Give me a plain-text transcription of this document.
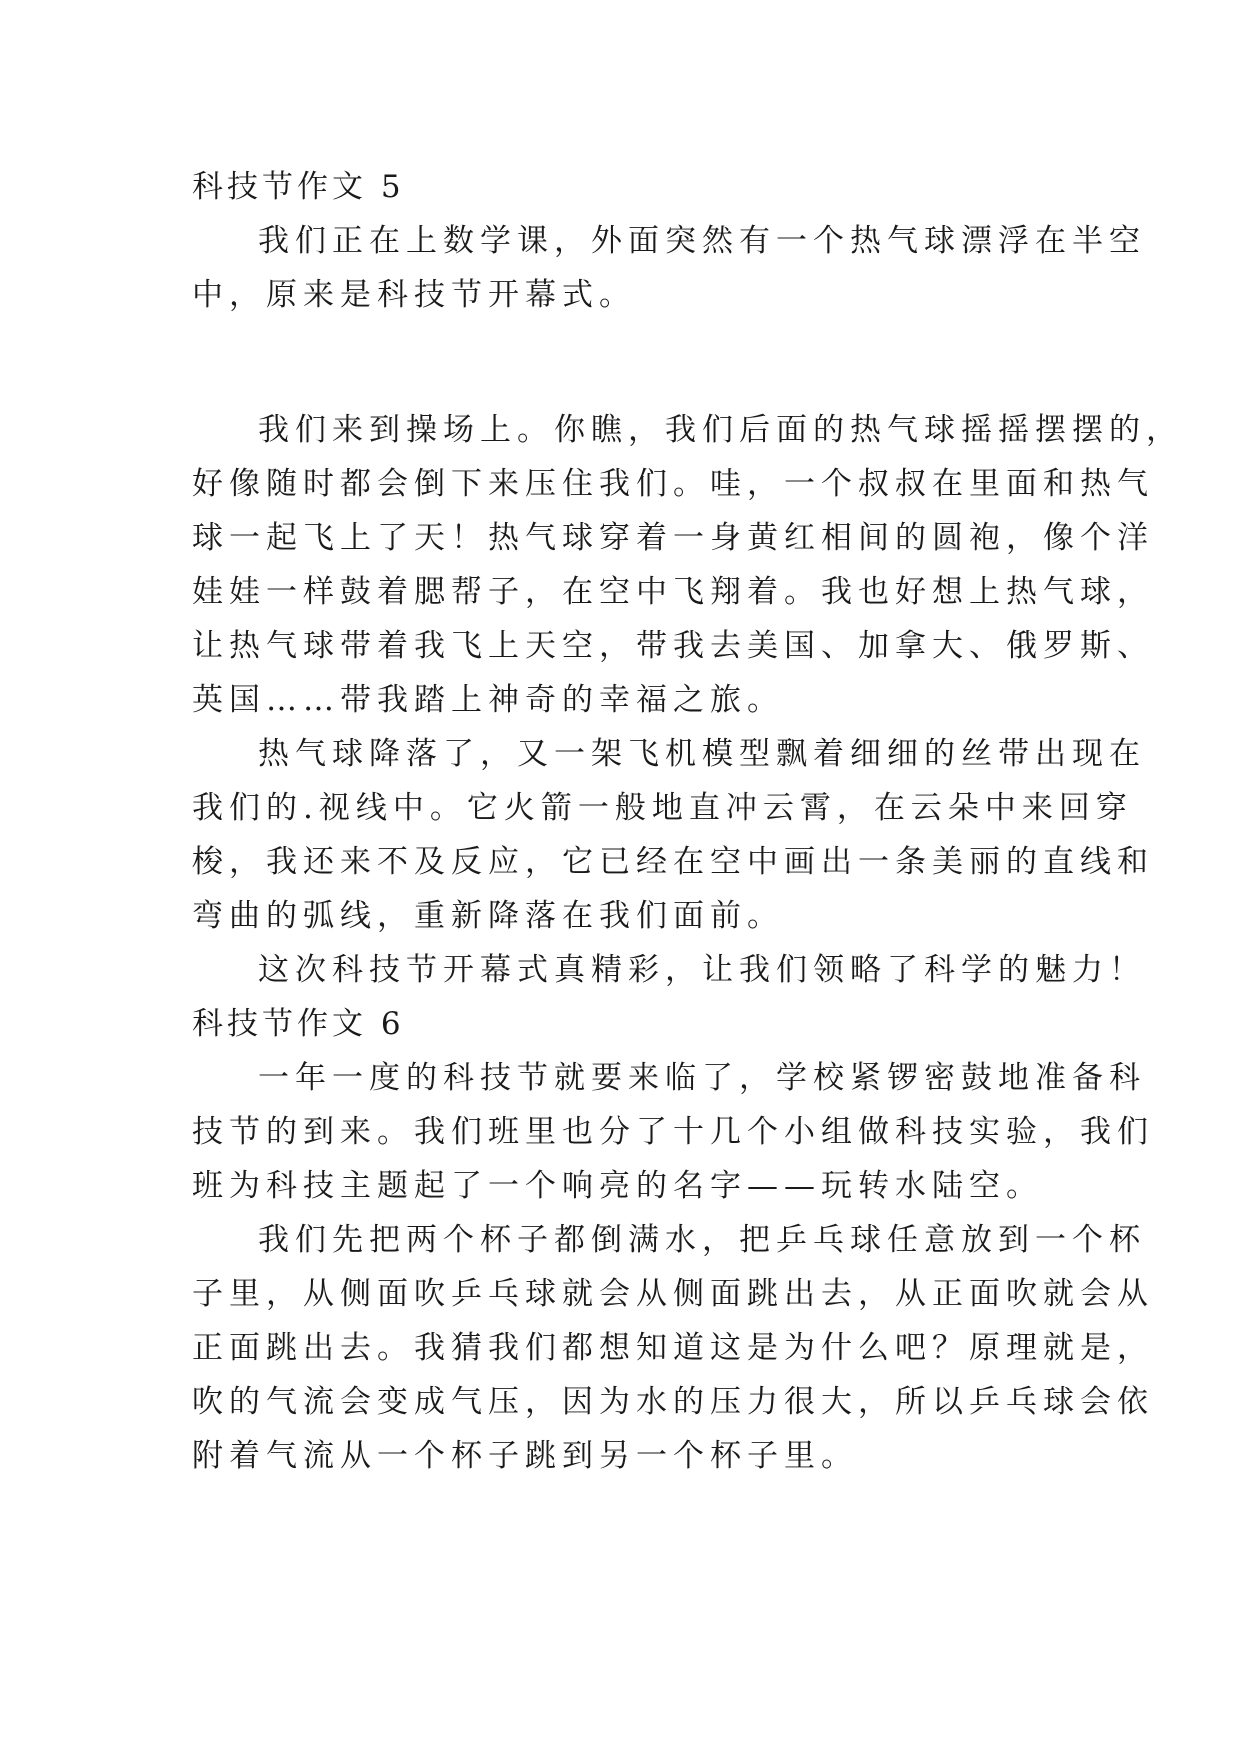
科技节作文 5
我们正在上数学课，外面突然有一个热气球漂浮在半空
中，原来是科技节开幕式。
我们来到操场上。你瞧，我们后面的热气球摇摇摆摆的，
好像随时都会倒下来压住我们。哇，一个叔叔在里面和热气
球一起飞上了天！热气球穿着一身黄红相间的圆袍，像个洋
娃娃一样鼓着腮帮子，在空中飞翔着。我也好想上热气球，
让热气球带着我飞上天空，带我去美国、加拿大、俄罗斯、
英国……带我踏上神奇的幸福之旅。
热气球降落了，又一架飞机模型飘着细细的丝带出现在
我们的.视线中。它火箭一般地直冲云霄，在云朵中来回穿
梭，我还来不及反应，它已经在空中画出一条美丽的直线和
弯曲的弧线，重新降落在我们面前。
这次科技节开幕式真精彩，让我们领略了科学的魅力！
科技节作文 6
一年一度的科技节就要来临了，学校紧锣密鼓地准备科
技节的到来。我们班里也分了十几个小组做科技实验，我们
班为科技主题起了一个响亮的名字——玩转水陆空。
我们先把两个杯子都倒满水，把乒乓球任意放到一个杯
子里，从侧面吹乒乓球就会从侧面跳出去，从正面吹就会从
正面跳出去。我猜我们都想知道这是为什么吧？原理就是，
吹的气流会变成气压，因为水的压力很大，所以乒乓球会依
附着气流从一个杯子跳到另一个杯子里。
